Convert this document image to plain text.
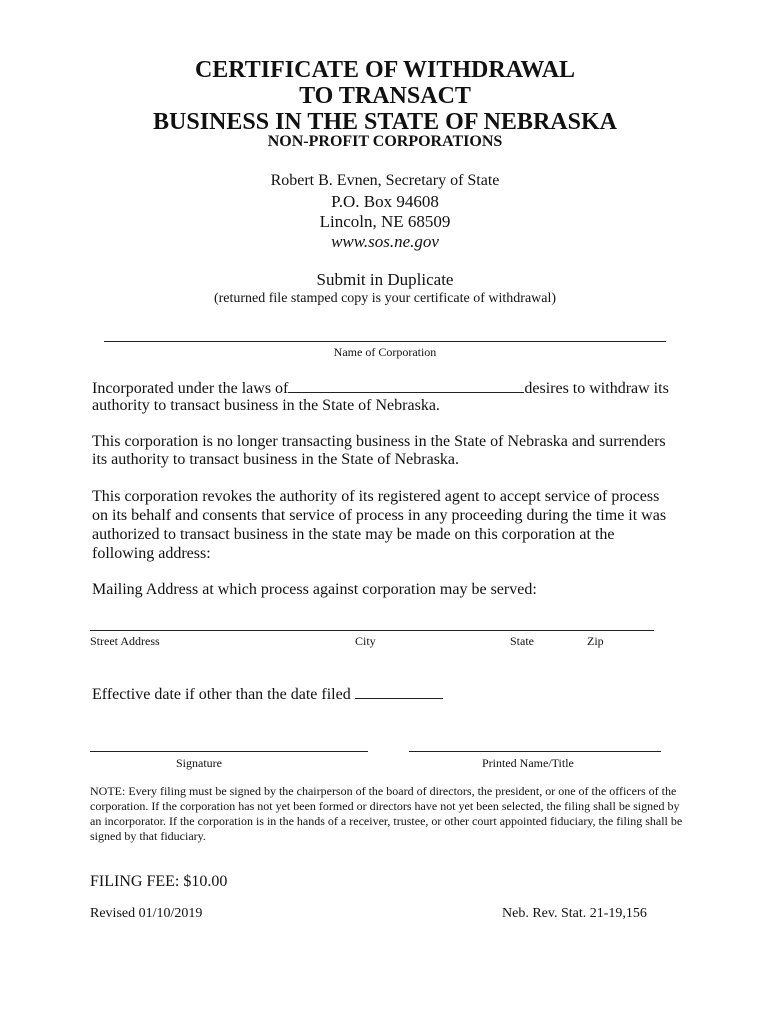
CERTIFICATE OF WITHDRAWAL
TO TRANSACT
BUSINESS IN THE STATE OF NEBRASKA
NON-PROFIT CORPORATIONS
Robert B. Evnen, Secretary of State
P.O. Box 94608
Lincoln, NE 68509
www.sos.ne.gov
Submit in Duplicate
(returned file stamped copy is your certificate of withdrawal)
Name of Corporation
Incorporated under the laws of	desires to withdraw its
authority to transact business in the State of Nebraska.
This corporation is no longer transacting business in the State of Nebraska and surrenders
its authority to transact business in the State of Nebraska.
This corporation revokes the authority of its registered agent to accept service of process
on its behalf and consents that service of process in any proceeding during the time it was
authorized to transact business in the state may be made on this corporation at the
following address:
Mailing Address at which process against corporation may be served:
Street Address	City	State	Zip
Effective date if other than the date filed
Signature	Printed Name/Title
NOTE: Every filing must be signed by the chairperson of the board of directors, the president, or one of the officers of the corporation. If the corporation has not yet been formed or directors have not yet been selected, the filing shall be signed by an incorporator. If the corporation is in the hands of a receiver, trustee, or other court appointed fiduciary, the filing shall be signed by that fiduciary.
FILING FEE: $10.00
Revised 01/10/2019	Neb. Rev. Stat. 21-19,156
